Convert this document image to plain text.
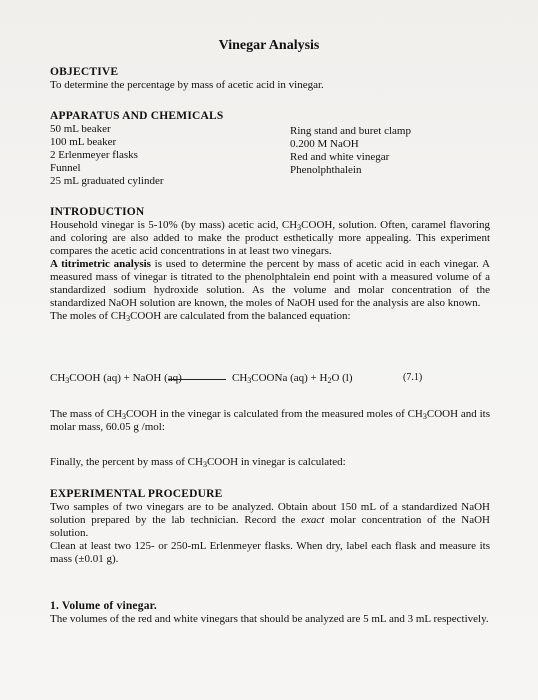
Vinegar Analysis
OBJECTIVE

To determine the percentage by mass of acetic acid in vinegar.

APPARATUS AND CHEMICALS
50 mL beaker
100 mL beaker
2 Erlenmeyer flasks
Funnel
25 mL graduated cylinder
Ring stand and buret clamp
0.200 M NaOH
Red and white vinegar
Phenolphthalein
INTRODUCTION

Household vinegar is 5-10% (by mass) acetic acid, $CH_3COOH$, solution. Often, caramel flavoring and coloring are also added to make the product esthetically more appealing. This experiment compares the acetic acid concentrations in at least two vinegars.

A titrimetric analysis is used to determine the percent by mass of acetic acid in each vinegar. A measured mass of vinegar is titrated to the phenolphtalein end point with a measured volume of a standardized sodium hydroxide solution. As the volume and molar concentration of the standardized NaOH solution are known, the moles of NaOH used for the analysis are also known.

The moles of $CH_3COOH$ are calculated from the balanced equation:

$CH_3COOH$ (aq) + NaOH (aq)	$CH_3COONa$ $(aq) + H_2O$ (l)	(7.1)

The mass of $CH_3COOH$ in the vinegar is calculated from the measured moles of $CH_3COOH$ and its molar mass, 60.05 g /mol:

Finally, the percent by mass of $CH_3COOH$ in vinegar is calculated:

EXPERIMENTAL PROCEDURE

Two samples of two vinegars are to be analyzed. Obtain about 150 mL of a standardized NaOH solution prepared by the lab technician. Record the exact molar concentration of the NaOH solution.

Clean at least two 125- or 250-mL Erlenmeyer flasks. When dry, label each flask and measure its mass (±0.01 g).

1. Volume of vinegar.

The volumes of the red and white vinegars that should be analyzed are 5 mL and 3 mL respectively.
